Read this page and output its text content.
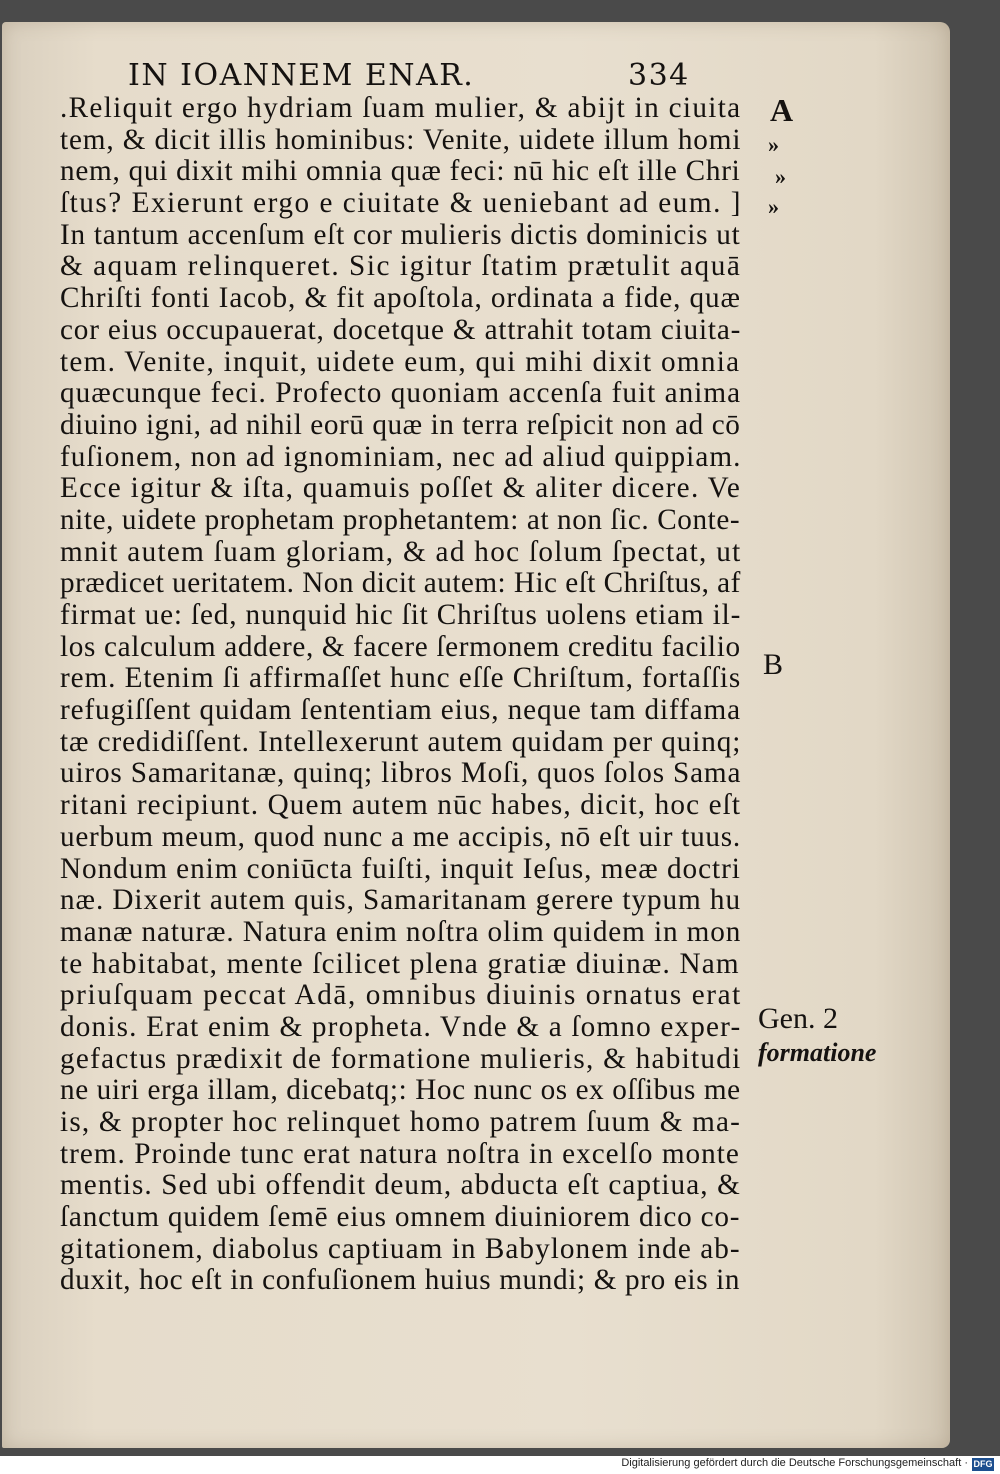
IN IOANNEM ENAR.	334
.Reliquit ergo hydriam ſuam mulier, & abijt in ciuita
tem, & dicit illis hominibus: Venite, uidete illum homi
nem, qui dixit mihi omnia quæ feci: nū hic eſt ille Chri
ſtus? Exierunt ergo e ciuitate & ueniebant ad eum. ]
In tantum accenſum eſt cor mulieris dictis dominicis ut
& aquam relinqueret. Sic igitur ſtatim prætulit aquā
Chriſti fonti Iacob, & fit apoſtola, ordinata a fide, quæ
cor eius occupauerat, docetque & attrahit totam ciuita-
tem. Venite, inquit, uidete eum, qui mihi dixit omnia
quæcunque feci. Profecto quoniam accenſa fuit anima
diuino igni, ad nihil eorū quæ in terra reſpicit non ad cō
fuſionem, non ad ignominiam, nec ad aliud quippiam.
Ecce igitur & iſta, quamuis poſſet & aliter dicere. Ve
nite, uidete prophetam prophetantem: at non ſic. Conte-
mnit autem ſuam gloriam, & ad hoc ſolum ſpectat, ut
prædicet ueritatem. Non dicit autem: Hic eſt Chriſtus, af
firmat ue: ſed, nunquid hic ſit Chriſtus uolens etiam il-
los calculum addere, & facere ſermonem creditu facilio
rem. Etenim ſi affirmaſſet hunc eſſe Chriſtum, fortaſſis
refugiſſent quidam ſententiam eius, neque tam diffama
tæ credidiſſent. Intellexerunt autem quidam per quinq;
uiros Samaritanæ, quinq; libros Moſi, quos ſolos Sama
ritani recipiunt. Quem autem nūc habes, dicit, hoc eſt
uerbum meum, quod nunc a me accipis, nō eſt uir tuus.
Nondum enim coniūcta fuiſti, inquit Ieſus, meæ doctri
næ. Dixerit autem quis, Samaritanam gerere typum hu
manæ naturæ. Natura enim noſtra olim quidem in mon
te habitabat, mente ſcilicet plena gratiæ diuinæ. Nam
priuſquam peccat Adā, omnibus diuinis ornatus erat
donis. Erat enim & propheta. Vnde & a ſomno exper-
gefactus prædixit de formatione mulieris, & habitudi
ne uiri erga illam, dicebatq;: Hoc nunc os ex oſſibus me
is, & propter hoc relinquet homo patrem ſuum & ma-
trem. Proinde tunc erat natura noſtra in excelſo monte
mentis. Sed ubi offendit deum, abducta eſt captiua, &
ſanctum quidem ſemē eius omnem diuiniorem dico co-
gitationem, diabolus captiuam in Babylonem inde ab-
duxit, hoc eſt in confuſionem huius mundi; & pro eis in
A
»
»
»
B
Gen. 2
formatione
Digitalisierung gefördert durch die Deutsche Forschungsgemeinschaft · DFG
